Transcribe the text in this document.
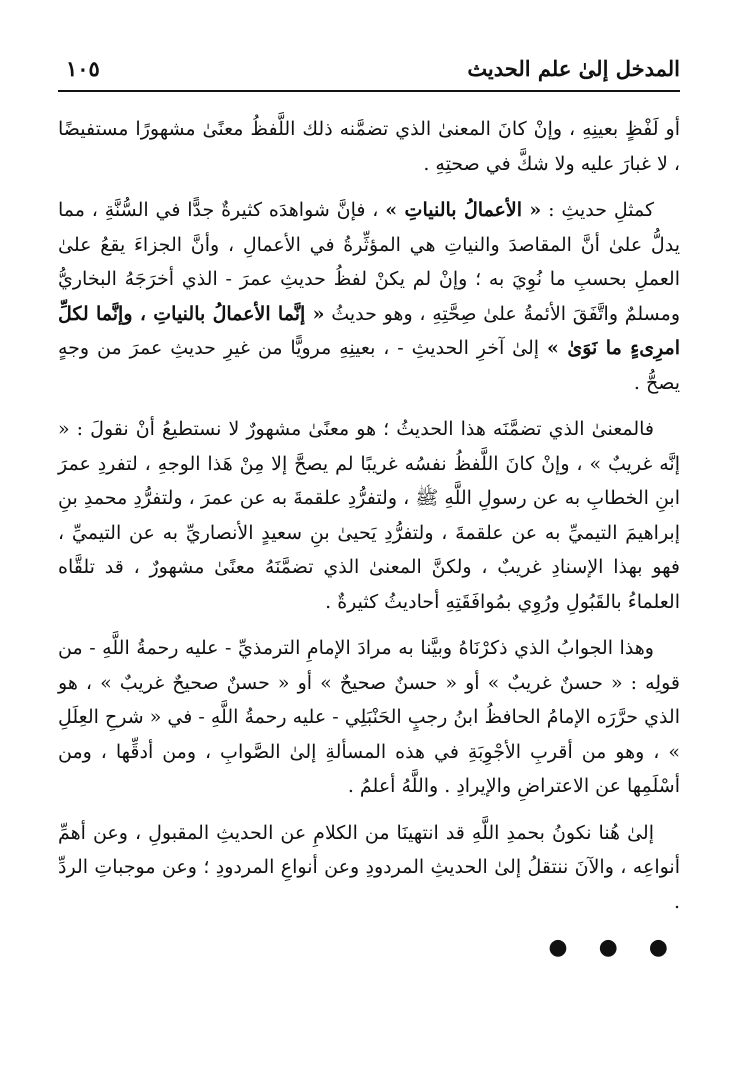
المدخل إلىٰ علم الحديث
١٠٥

أو لَفْظٍ بعينِهِ ، وإنْ كانَ المعنىٰ الذي تضمَّنه ذلك اللَّفظُ معنًىٰ مشهورًا مستفيضًا ، لا غبارَ عليه ولا شكَّ في صحتِهِ .

كمثلِ حديثِ : « الأعمالُ بالنياتِ » ، فإنَّ شواهدَه كثيرةٌ جدًّا في السُّنَّةِ ، مما يدلُّ علىٰ أنَّ المقاصدَ والنياتِ هي المؤثِّرةُ في الأعمالِ ، وأنَّ الجزاءَ يقعُ علىٰ العملِ بحسبِ ما نُوِيَ به ؛ وإنْ لم يكنْ لفظُ حديثِ عمرَ - الذي أخرَجَهُ البخاريُّ ومسلمٌ واتَّفَقَ الأئمةُ علىٰ صِحَّتِهِ ، وهو حديثُ « إنَّما الأعمالُ بالنياتِ ، وإنَّما لكلِّ امرِىءٍ ما نَوَىٰ » إلىٰ آخرِ الحديثِ - ، بعينِهِ مرويًّا من غيرِ حديثِ عمرَ من وجهٍ يصحُّ .

فالمعنىٰ الذي تضمَّنَه هذا الحديثُ ؛ هو معنًىٰ مشهورٌ لا نستطيعُ أنْ نقولَ : « إنَّه غريبٌ » ، وإنْ كانَ اللَّفظُ نفسُه غريبًا لم يصحَّ إلا مِنْ هَذا الوجهِ ، لتفردِ عمرَ ابنِ الخطابِ به عن رسولِ اللَّهِ ﷺ ، ولتفرُّدِ علقمةَ به عن عمرَ ، ولتفرُّدِ محمدِ بنِ إبراهيمَ التيميِّ به عن علقمةَ ، ولتفرُّدِ يَحيىٰ بنِ سعيدٍ الأنصاريِّ به عن التيميِّ ، فهو بهذا الإسنادِ غريبٌ ، ولكنَّ المعنىٰ الذي تضمَّنَهُ معنًىٰ مشهورٌ ، قد تلقَّاه العلماءُ بالقَبُولِ ورُوِي بمُوافَقَتِهِ أحاديثُ كثيرةٌ .

وهذا الجوابُ الذي ذكرْنَاهُ وبيَّنا به مرادَ الإمامِ الترمذيِّ - عليه رحمةُ اللَّهِ - من قولِه : « حسنٌ غريبٌ » أو « حسنٌ صحيحٌ » أو « حسنٌ صحيحٌ غريبٌ » ، هو الذي حرَّرَه الإمامُ الحافظُ ابنُ رجبٍ الحَنْبَلِي - عليه رحمةُ اللَّهِ - في « شرحِ العِلَلِ » ، وهو من أقربِ الأجْوِبَةِ في هذه المسألةِ إلىٰ الصَّوابِ ، ومن أدقِّها ، ومن أسْلَمِها عن الاعتراضِ والإيرادِ . واللَّهُ أعلمُ .

إلىٰ هُنا نكونُ بحمدِ اللَّهِ قد انتهينَا من الكلامِ عن الحديثِ المقبولِ ، وعن أهمِّ أنواعِه ، والآنَ ننتقلُ إلىٰ الحديثِ المردودِ وعن أنواعِ المردودِ ؛ وعن موجباتِ الردِّ .

● ● ●
